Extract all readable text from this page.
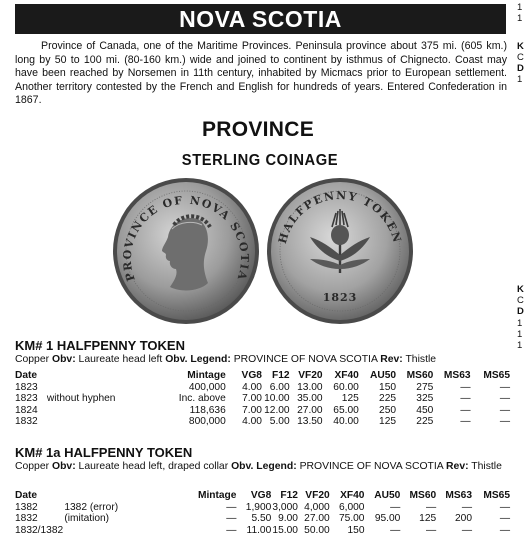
NOVA SCOTIA

Province of Canada, one of the Maritime Provinces. Peninsula province about 375 mi. (605 km.) long by 50 to 100 mi. (80-160 km.) wide and joined to continent by isthmus of Chignecto. Coast may have been reached by Norsemen in 11th century, inhabited by Micmacs prior to European settlement. Another territory contested by the French and English for hundreds of years. Entered Confederation in 1867.

PROVINCE
STERLING COINAGE
PROVINCE OF NOVA SCOTIA
HALFPENNY TOKEN
1823
KM# 1 HALFPENNY TOKEN
Copper Obv: Laureate head left Obv. Legend: PROVINCE OF NOVA SCOTIA Rev: Thistle
Date		Mintage	VG8	F12	VF20	XF40	AU50	MS60	MS63	MS65
1823		400,000	4.00	6.00	13.00	60.00	150	275	—	—
1823	without hyphen	Inc. above	7.00	10.00	35.00	125	225	325	—	—
1824		118,636	7.00	12.00	27.00	65.00	250	450	—	—
1832		800,000	4.00	5.00	13.50	40.00	125	225	—	—
KM# 1a HALFPENNY TOKEN
Copper Obv: Laureate head left, draped collar Obv. Legend: PROVINCE OF NOVA SCOTIA Rev: Thistle
Date		Mintage	VG8	F12	VF20	XF40	AU50	MS60	MS63	MS65
1382	1382 (error)	—	1,900	3,000	4,000	6,000	—	—	—	—
1832	(imitation)	—	5.50	9.00	27.00	75.00	95.00	125	200	—
1832/1382		—	11.00	15.00	50.00	150	—	—	—	—
1
1
K
C
D
1
K
C
D
1
1
1
